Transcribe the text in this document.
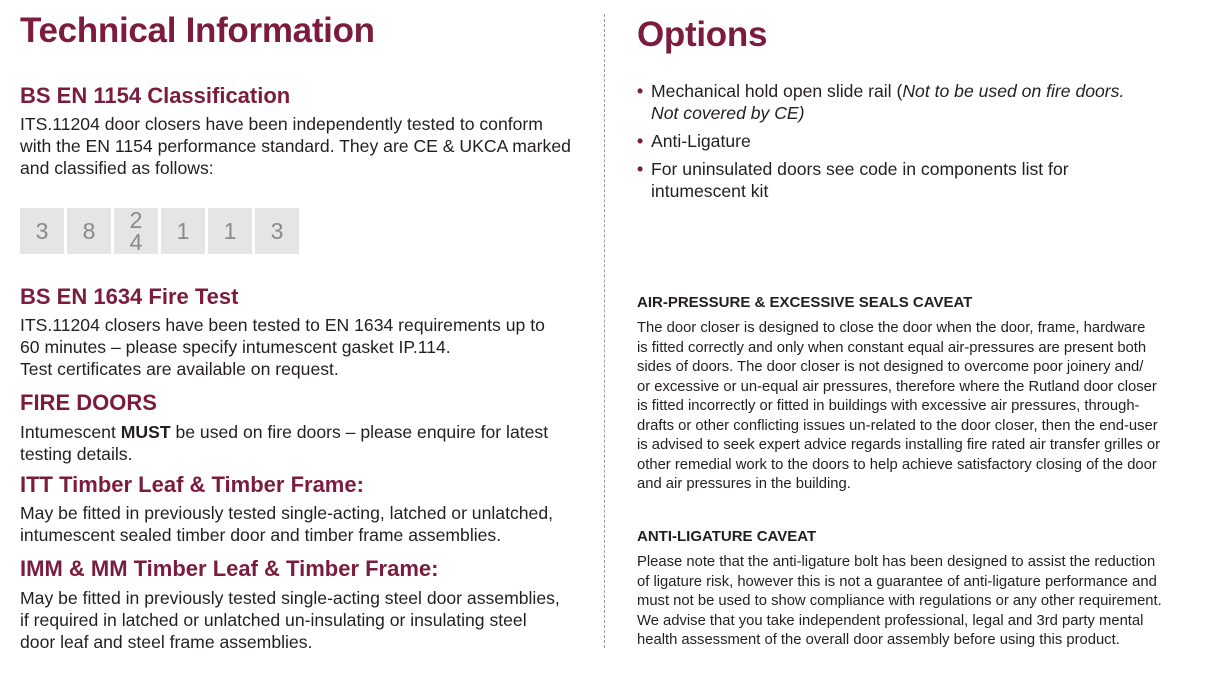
Technical Information
BS EN 1154 Classification

ITS.11204 door closers have been independently tested to conform

with the EN 1154 performance standard. They are CE & UKCA marked

and classified as follows:

3 8 2
4 1 1 3
BS EN 1634 Fire Test

ITS.11204 closers have been tested to EN 1634 requirements up to

60 minutes – please specify intumescent gasket IP.114.

Test certificates are available on request.

FIRE DOORS

Intumescent MUST be used on fire doors – please enquire for latest

testing details.

ITT Timber Leaf & Timber Frame:

May be fitted in previously tested single-acting, latched or unlatched,

intumescent sealed timber door and timber frame assemblies.

IMM & MM Timber Leaf & Timber Frame:

May be fitted in previously tested single-acting steel door assemblies,

if required in latched or unlatched un-insulating or insulating steel

door leaf and steel frame assemblies.

Options
• Mechanical hold open slide rail (Not to be used on fire doors.
Not covered by CE)
• Anti-Ligature
• For uninsulated doors see code in components list for
intumescent kit

AIR-PRESSURE & EXCESSIVE SEALS CAVEAT

The door closer is designed to close the door when the door, frame, hardware

is fitted correctly and only when constant equal air-pressures are present both

sides of doors. The door closer is not designed to overcome poor joinery and/

or excessive or un-equal air pressures, therefore where the Rutland door closer

is fitted incorrectly or fitted in buildings with excessive air pressures, through-

drafts or other conflicting issues un-related to the door closer, then the end-user

is advised to seek expert advice regards installing fire rated air transfer grilles or

other remedial work to the doors to help achieve satisfactory closing of the door

and air pressures in the building.

ANTI-LIGATURE CAVEAT

Please note that the anti-ligature bolt has been designed to assist the reduction

of ligature risk, however this is not a guarantee of anti-ligature performance and

must not be used to show compliance with regulations or any other requirement.

We advise that you take independent professional, legal and 3rd party mental

health assessment of the overall door assembly before using this product.
